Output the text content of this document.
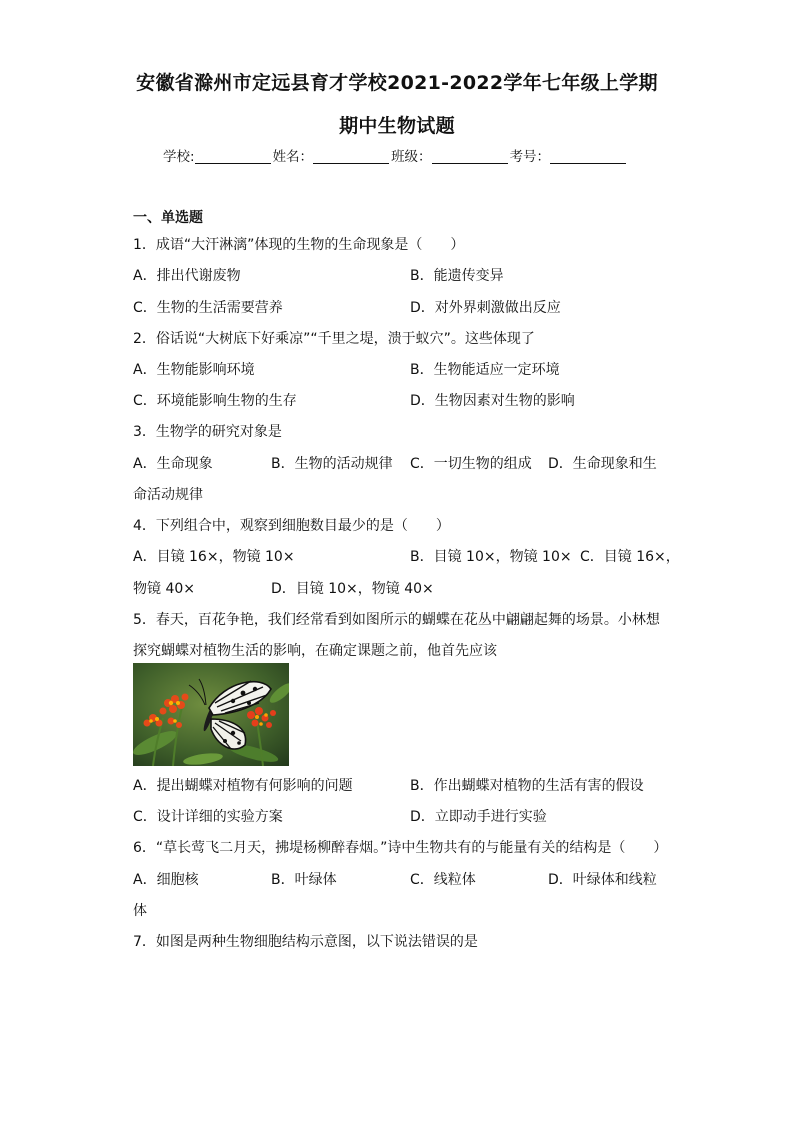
安徽省滁州市定远县育才学校2021-2022学年七年级上学期
期中生物试题
学校:	姓名：	班级：	考号：
一、单选题
1．成语“大汗淋漓”体现的生物的生命现象是（　　）
A．排出代谢废物	B．能遗传变异
C．生物的生活需要营养	D．对外界刺激做出反应
2．俗话说“大树底下好乘凉”“千里之堤，溃于蚁穴”。这些体现了
A．生物能影响环境	B．生物能适应一定环境
C．环境能影响生物的生存	D．生物因素对生物的影响
3．生物学的研究对象是
A．生命现象	B．生物的活动规律 C．一切生物的组成 D．生命现象和生
命活动规律
4．下列组合中，观察到细胞数目最少的是（　　）
A．目镜 16×，物镜 10×	B．目镜 10×，物镜 10× C．目镜 16×，
物镜 40×	D．目镜 10×，物镜 40×
5．春天，百花争艳，我们经常看到如图所示的蝴蝶在花丛中翩翩起舞的场景。小林想
探究蝴蝶对植物生活的影响，在确定课题之前，他首先应该
A．提出蝴蝶对植物有何影响的问题	B．作出蝴蝶对植物的生活有害的假设
C．设计详细的实验方案	D．立即动手进行实验
6．“草长莺飞二月天，拂堤杨柳醉春烟。”诗中生物共有的与能量有关的结构是（　　）
A．细胞核	B．叶绿体	C．线粒体	D．叶绿体和线粒
体
7．如图是两种生物细胞结构示意图，以下说法错误的是
